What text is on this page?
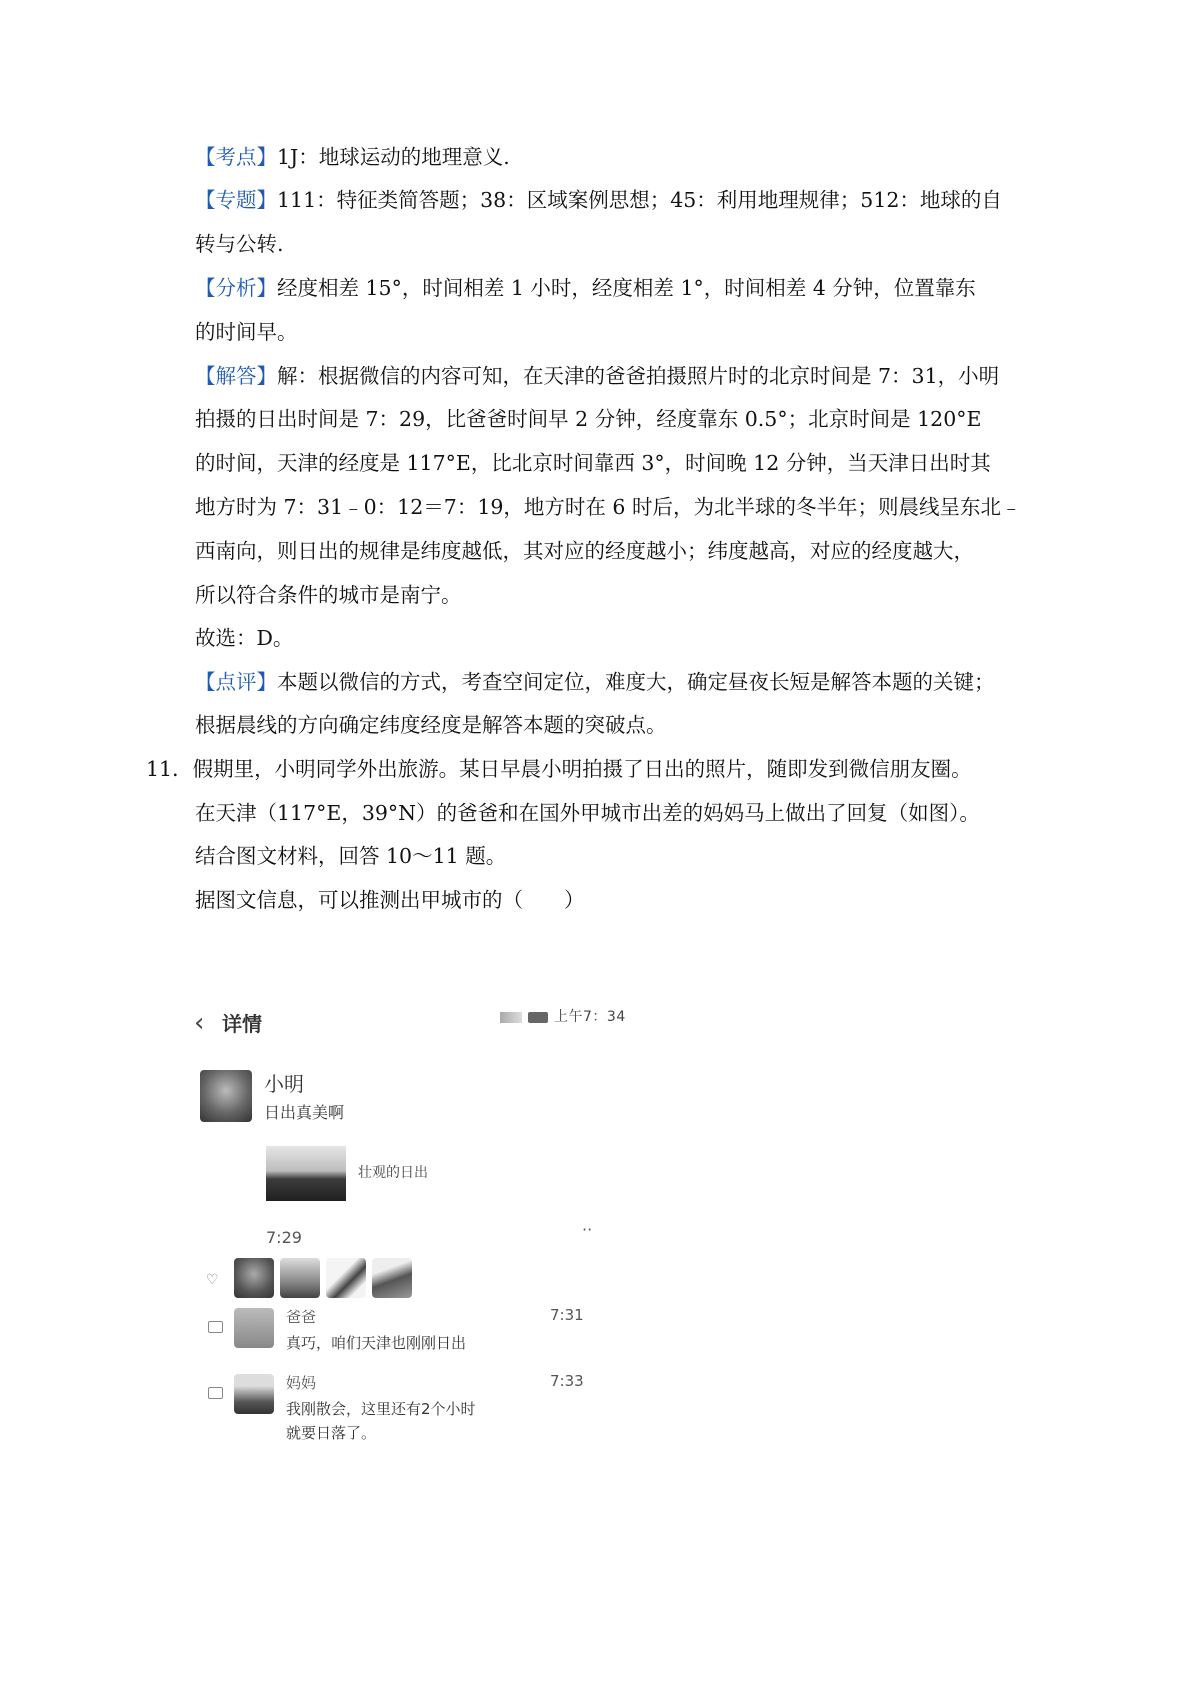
【考点】1J：地球运动的地理意义.
【专题】111：特征类简答题；38：区域案例思想；45：利用地理规律；512：地球的自
转与公转.
【分析】经度相差 15°，时间相差 1 小时，经度相差 1°，时间相差 4 分钟，位置靠东
的时间早。
【解答】解：根据微信的内容可知，在天津的爸爸拍摄照片时的北京时间是 7：31，小明
拍摄的日出时间是 7：29，比爸爸时间早 2 分钟，经度靠东 0.5°；北京时间是 120°E
的时间，天津的经度是 117°E，比北京时间靠西 3°，时间晚 12 分钟，当天津日出时其
地方时为 7：31﹣0：12＝7：19，地方时在 6 时后，为北半球的冬半年；则晨线呈东北﹣
西南向，则日出的规律是纬度越低，其对应的经度越小；纬度越高，对应的经度越大，
所以符合条件的城市是南宁。
故选：D。
【点评】本题以微信的方式，考查空间定位，难度大，确定昼夜长短是解答本题的关键；
根据晨线的方向确定纬度经度是解答本题的突破点。
11．假期里，小明同学外出旅游。某日早晨小明拍摄了日出的照片，随即发到微信朋友圈。
在天津（117°E，39°N）的爸爸和在国外甲城市出差的妈妈马上做出了回复（如图）。
结合图文材料，回答 10～11 题。
据图文信息，可以推测出甲城市的（　　）
上午7：34
‹ 详情
小明
日出真美啊
壮观的日出
7:29	··
♡
爸爸	7:31
真巧，咱们天津也刚刚日出
妈妈	7:33
我刚散会，这里还有2个小时
就要日落了。
